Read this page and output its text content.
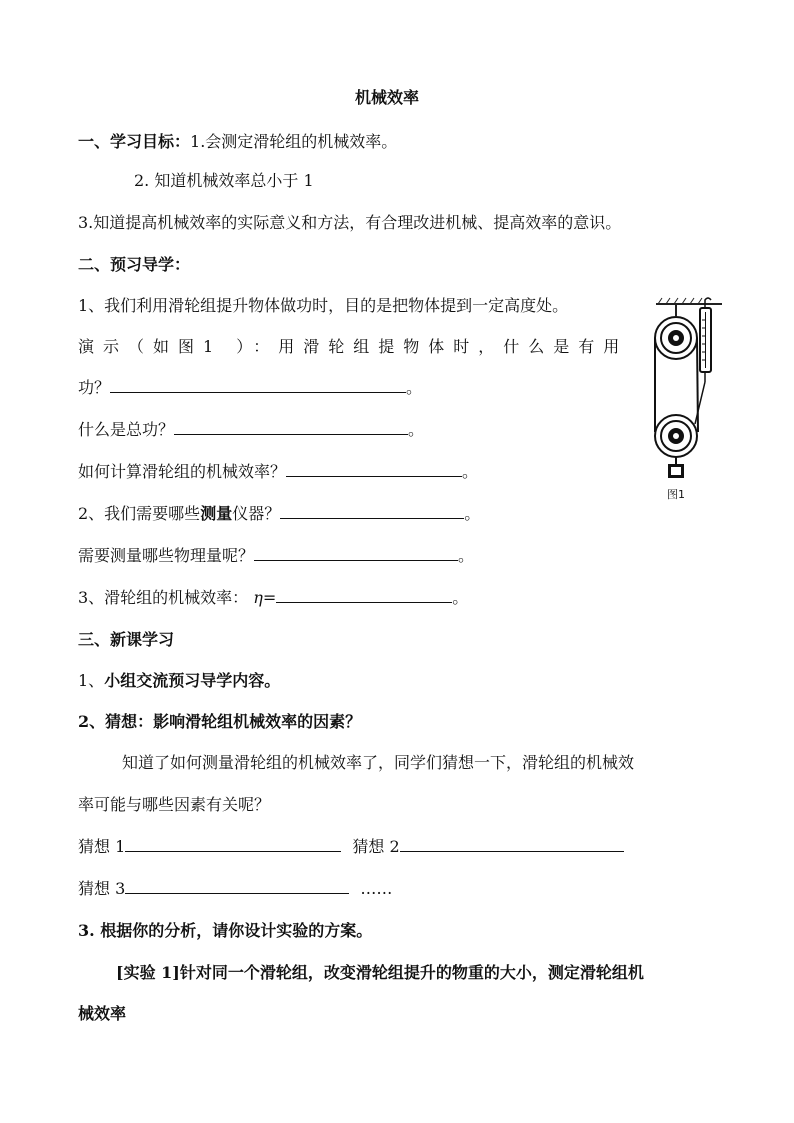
机械效率
一、学习目标：1.会测定滑轮组的机械效率。
2. 知道机械效率总小于 1
3.知道提高机械效率的实际意义和方法，有合理改进机械、提高效率的意识。
二、预习导学：
1、我们利用滑轮组提升物体做功时，目的是把物体提到一定高度处。
演示（如图1 ）：用滑轮组提物体时，什么是有用
功？	。
什么是总功？	。
如何计算滑轮组的机械效率？	。
2、我们需要哪些测量仪器？	。
需要测量哪些物理量呢？	。
3、滑轮组的机械效率： η=	。
图1
三、新课学习
1、小组交流预习导学内容。
2、猜想：影响滑轮组机械效率的因素？
知道了如何测量滑轮组的机械效率了，同学们猜想一下，滑轮组的机械效
率可能与哪些因素有关呢？
猜想 1	猜想 2
猜想 3	……
3. 根据你的分析，请你设计实验的方案。
[实验 1]针对同一个滑轮组，改变滑轮组提升的物重的大小，测定滑轮组机
械效率
